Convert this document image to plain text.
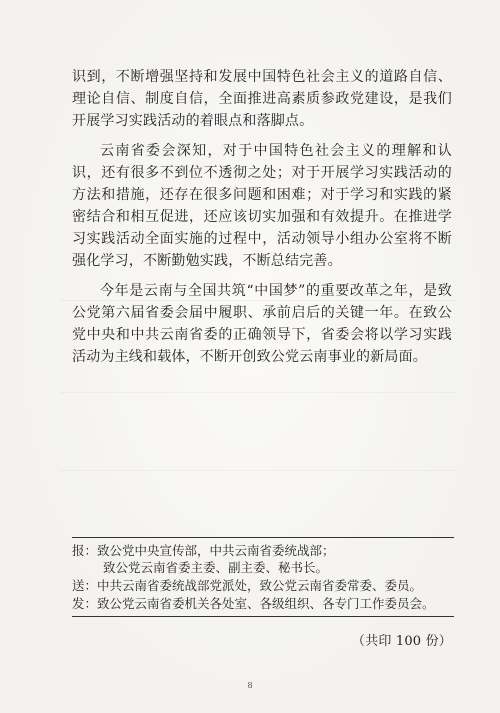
识到，不断增强坚持和发展中国特色社会主义的道路自信、理论自信、制度自信，全面推进高素质参政党建设，是我们开展学习实践活动的着眼点和落脚点。

云南省委会深知，对于中国特色社会主义的理解和认识，还有很多不到位不透彻之处；对于开展学习实践活动的方法和措施，还存在很多问题和困难；对于学习和实践的紧密结合和相互促进，还应该切实加强和有效提升。在推进学习实践活动全面实施的过程中，活动领导小组办公室将不断强化学习，不断勤勉实践，不断总结完善。

今年是云南与全国共筑“中国梦”的重要改革之年，是致公党第六届省委会届中履职、承前启后的关键一年。在致公党中央和中共云南省委的正确领导下，省委会将以学习实践活动为主线和载体，不断开创致公党云南事业的新局面。

报：致公党中央宣传部，中共云南省委统战部；
致公党云南省委主委、副主委、秘书长。
送：中共云南省委统战部党派处，致公党云南省委常委、委员。
发：致公党云南省委机关各处室、各级组织、各专门工作委员会。
（共印 100 份）
8
